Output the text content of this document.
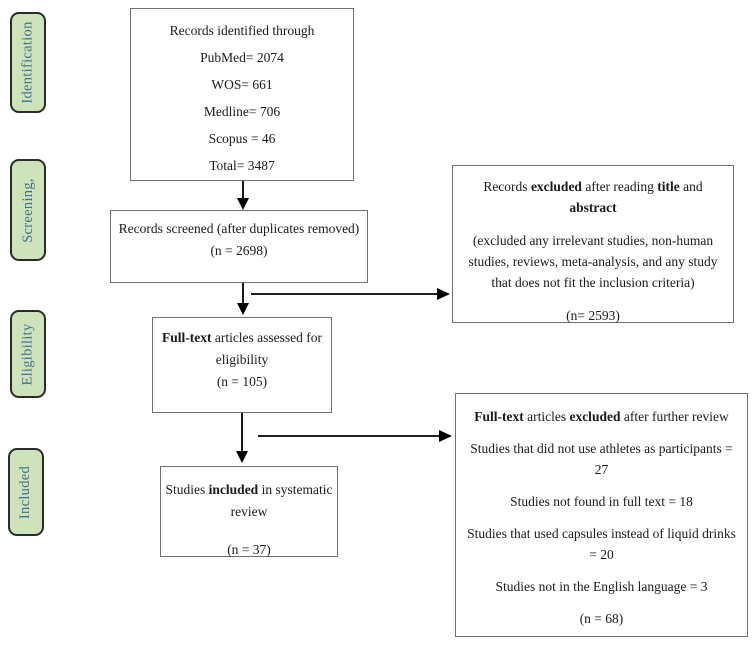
Identification
Screening,
Eligibility
Included
Records identified through
PubMed= 2074
WOS= 661
Medline= 706
Scopus = 46
Total= 3487
Records screened (after duplicates removed)
(n = 2698)
Records excluded after reading title and abstract
(excluded any irrelevant studies, non-human studies, reviews, meta-analysis, and any study that does not fit the inclusion criteria)
(n= 2593)
Full-text articles assessed for eligibility
(n = 105)
Studies included in systematic review
(n = 37)
Full-text articles excluded after further review
Studies that did not use athletes as participants = 27
Studies not found in full text = 18
Studies that used capsules instead of liquid drinks = 20
Studies not in the English language = 3
(n = 68)
